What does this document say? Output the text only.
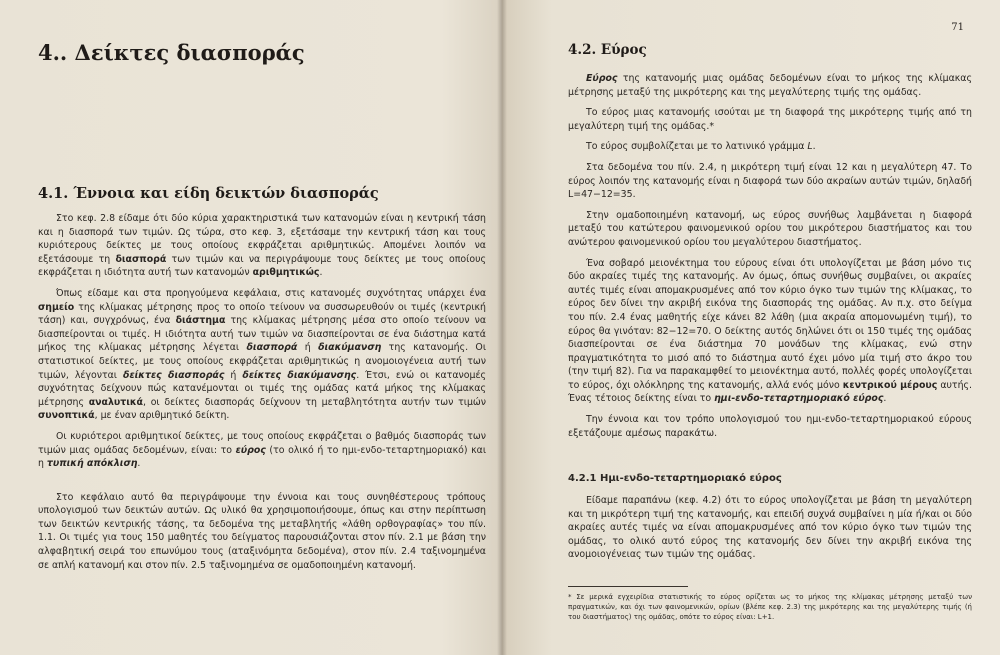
4.. Δείκτες διασποράς
4.1. Έννοια και είδη δεικτών διασποράς

Στο κεφ. 2.8 είδαμε ότι δύο κύρια χαρακτηριστικά των κατανομών είναι η κεντρική τάση και η διασπορά των τιμών. Ως τώρα, στο κεφ. 3, εξετάσαμε την κεντρική τάση και τους κυριότερους δείκτες με τους οποίους εκφράζεται αριθμητικώς. Απομένει λοιπόν να εξετάσουμε τη διασπορά των τιμών και να περιγράψουμε τους δείκτες με τους οποίους εκφράζεται η ιδιότητα αυτή των κατανομών αριθμητικώς.

Όπως είδαμε και στα προηγούμενα κεφάλαια, στις κατανομές συχνότητας υπάρχει ένα σημείο της κλίμακας μέτρησης προς το οποίο τείνουν να συσσωρευθούν οι τιμές (κεντρική τάση) και, συγχρόνως, ένα διάστημα της κλίμακας μέτρησης μέσα στο οποίο τείνουν να διασπείρονται οι τιμές. Η ιδιότητα αυτή των τιμών να διασπείρονται σε ένα διάστημα κατά μήκος της κλίμακας μέτρησης λέγεται διασπορά ή διακύμανση της κατανομής. Οι στατιστικοί δείκτες, με τους οποίους εκφράζεται αριθμητικώς η ανομοιογένεια αυτή των τιμών, λέγονται δείκτες διασποράς ή δείκτες διακύμανσης. Έτσι, ενώ οι κατανομές συχνότητας δείχνουν πώς κατανέμονται οι τιμές της ομάδας κατά μήκος της κλίμακας μέτρησης αναλυτικά, οι δείκτες διασποράς δείχνουν τη μεταβλητότητα αυτήν των τιμών συνοπτικά, με έναν αριθμητικό δείκτη.

Οι κυριότεροι αριθμητικοί δείκτες, με τους οποίους εκφράζεται ο βαθμός διασποράς των τιμών μιας ομάδας δεδομένων, είναι: το εύρος (το ολικό ή το ημι-ενδο-τεταρτημοριακό) και η τυπική απόκλιση.

Στο κεφάλαιο αυτό θα περιγράψουμε την έννοια και τους συνηθέστερους τρόπους υπολογισμού των δεικτών αυτών. Ως υλικό θα χρησιμοποιήσουμε, όπως και στην περίπτωση των δεικτών κεντρικής τάσης, τα δεδομένα της μεταβλητής «λάθη ορθογραφίας» του πίν. 1.1. Οι τιμές για τους 150 μαθητές του δείγματος παρουσιάζονται στον πίν. 2.1 με βάση την αλφαβητική σειρά του επωνύμου τους (αταξινόμητα δεδομένα), στον πίν. 2.4 ταξινομημένα σε απλή κατανομή και στον πίν. 2.5 ταξινομημένα σε ομαδοποιημένη κατανομή.

71
4.2. Εύρος

Εύρος της κατανομής μιας ομάδας δεδομένων είναι το μήκος της κλίμακας μέτρησης μεταξύ της μικρότερης και της μεγαλύτερης τιμής της ομάδας.

Το εύρος μιας κατανομής ισούται με τη διαφορά της μικρότερης τιμής από τη μεγαλύτερη τιμή της ομάδας.*

Το εύρος συμβολίζεται με το λατινικό γράμμα L.

Στα δεδομένα του πίν. 2.4, η μικρότερη τιμή είναι 12 και η μεγαλύτερη 47. Το εύρος λοιπόν της κατανομής είναι η διαφορά των δύο ακραίων αυτών τιμών, δηλαδή L=47−12=35.

Στην ομαδοποιημένη κατανομή, ως εύρος συνήθως λαμβάνεται η διαφορά μεταξύ του κατώτερου φαινομενικού ορίου του μικρότερου διαστήματος και του ανώτερου φαινομενικού ορίου του μεγαλύτερου διαστήματος.

Ένα σοβαρό μειονέκτημα του εύρους είναι ότι υπολογίζεται με βάση μόνο τις δύο ακραίες τιμές της κατανομής. Αν όμως, όπως συνήθως συμβαίνει, οι ακραίες αυτές τιμές είναι απομακρυσμένες από τον κύριο όγκο των τιμών της κλίμακας, το εύρος δεν δίνει την ακριβή εικόνα της διασποράς της ομάδας. Αν π.χ. στο δείγμα του πίν. 2.4 ένας μαθητής είχε κάνει 82 λάθη (μια ακραία απομονωμένη τιμή), το εύρος θα γινόταν: 82−12=70. Ο δείκτης αυτός δηλώνει ότι οι 150 τιμές της ομάδας διασπείρονται σε ένα διάστημα 70 μονάδων της κλίμακας, ενώ στην πραγματικότητα το μισό από το διάστημα αυτό έχει μόνο μία τιμή στο άκρο του (την τιμή 82). Για να παρακαμφθεί το μειονέκτημα αυτό, πολλές φορές υπολογίζεται το εύρος, όχι ολόκληρης της κατανομής, αλλά ενός μόνο κεντρικού μέρους αυτής. Ένας τέτοιος δείκτης είναι το ημι-ενδο-τεταρτημοριακό εύρος.

Την έννοια και τον τρόπο υπολογισμού του ημι-ενδο-τεταρτημοριακού εύρους εξετάζουμε αμέσως παρακάτω.

4.2.1 Ημι-ενδο-τεταρτημοριακό εύρος

Είδαμε παραπάνω (κεφ. 4.2) ότι το εύρος υπολογίζεται με βάση τη μεγαλύτερη και τη μικρότερη τιμή της κατανομής, και επειδή συχνά συμβαίνει η μία ή/και οι δύο ακραίες αυτές τιμές να είναι απομακρυσμένες από τον κύριο όγκο των τιμών της ομάδας, το ολικό αυτό εύρος της κατανομής δεν δίνει την ακριβή εικόνα της ανομοιογένειας των τιμών της ομάδας.

* Σε μερικά εγχειρίδια στατιστικής το εύρος ορίζεται ως το μήκος της κλίμακας μέτρησης μεταξύ των πραγματικών, και όχι των φαινομενικών, ορίων (βλέπε κεφ. 2.3) της μικρότερης και της μεγαλύτερης τιμής (ή του διαστήματος) της ομάδας, οπότε το εύρος είναι: L+1.
